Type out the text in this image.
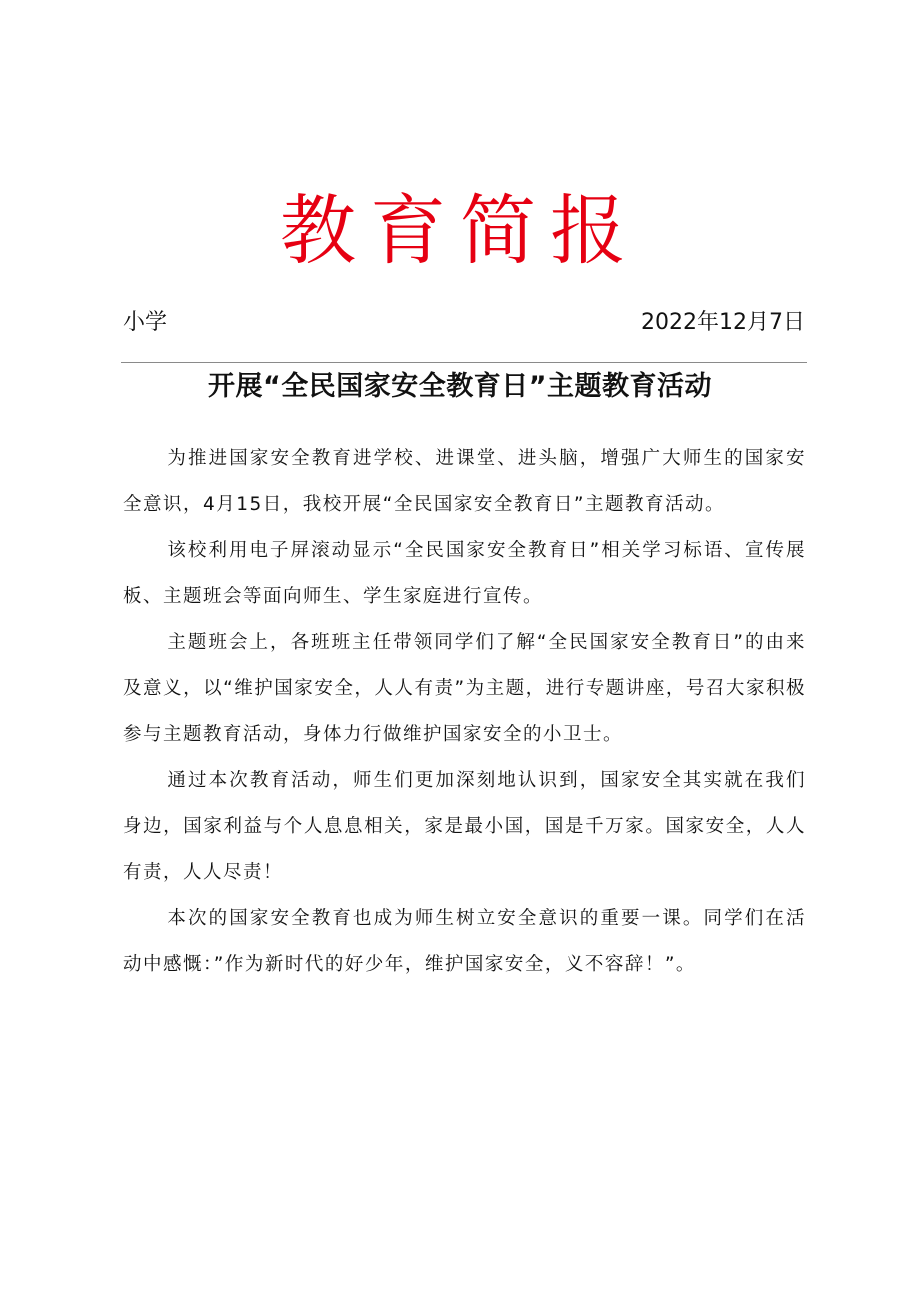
教育简报
小学	2022年12月7日
开展“全民国家安全教育日”主题教育活动

为推进国家安全教育进学校、进课堂、进头脑，增强广大师生的国家安全意识，4月15日，我校开展“全民国家安全教育日”主题教育活动。

该校利用电子屏滚动显示“全民国家安全教育日”相关学习标语、宣传展板、主题班会等面向师生、学生家庭进行宣传。

主题班会上，各班班主任带领同学们了解“全民国家安全教育日”的由来及意义，以“维护国家安全，人人有责”为主题，进行专题讲座，号召大家积极参与主题教育活动，身体力行做维护国家安全的小卫士。

通过本次教育活动，师生们更加深刻地认识到，国家安全其实就在我们身边，国家利益与个人息息相关，家是最小国，国是千万家。国家安全，人人有责，人人尽责！

本次的国家安全教育也成为师生树立安全意识的重要一课。同学们在活动中感慨：”作为新时代的好少年，维护国家安全，义不容辞！”。
